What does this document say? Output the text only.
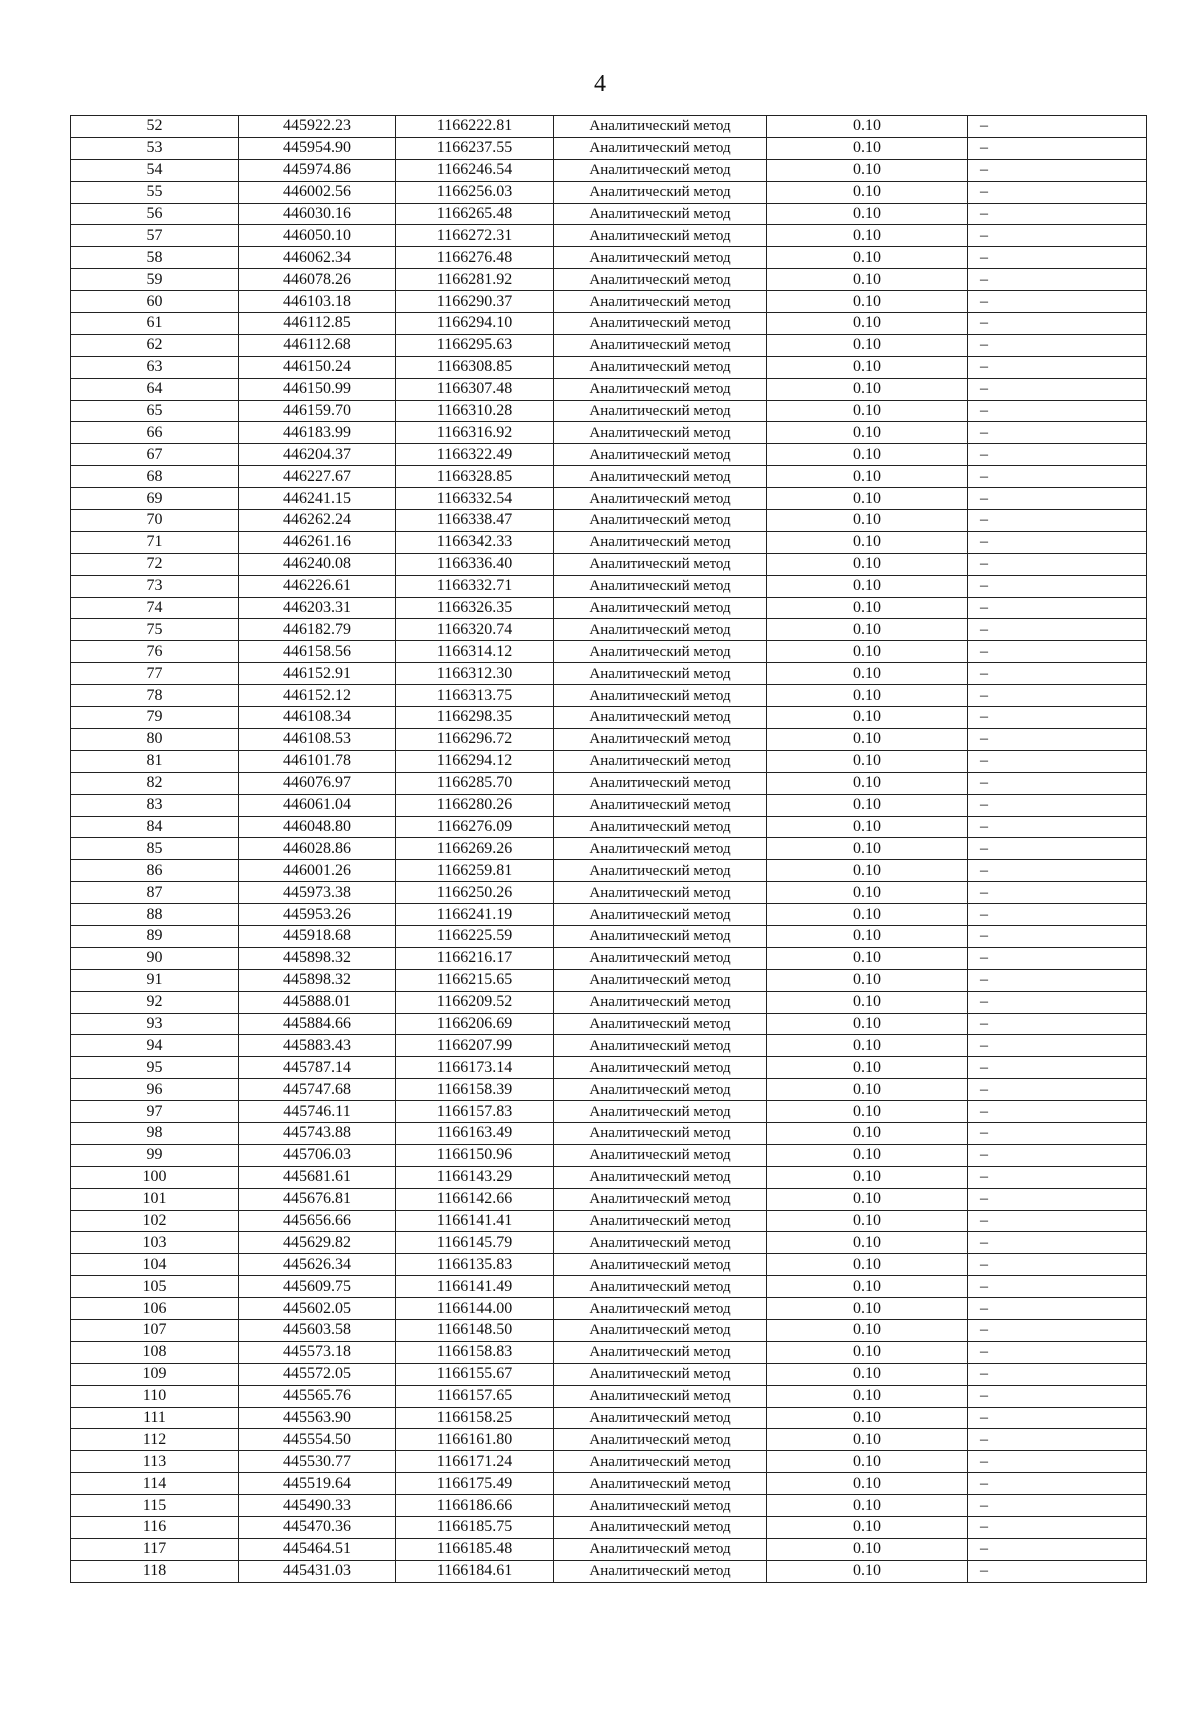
4
52	445922.23	1166222.81	Аналитический метод	0.10	–
53	445954.90	1166237.55	Аналитический метод	0.10	–
54	445974.86	1166246.54	Аналитический метод	0.10	–
55	446002.56	1166256.03	Аналитический метод	0.10	–
56	446030.16	1166265.48	Аналитический метод	0.10	–
57	446050.10	1166272.31	Аналитический метод	0.10	–
58	446062.34	1166276.48	Аналитический метод	0.10	–
59	446078.26	1166281.92	Аналитический метод	0.10	–
60	446103.18	1166290.37	Аналитический метод	0.10	–
61	446112.85	1166294.10	Аналитический метод	0.10	–
62	446112.68	1166295.63	Аналитический метод	0.10	–
63	446150.24	1166308.85	Аналитический метод	0.10	–
64	446150.99	1166307.48	Аналитический метод	0.10	–
65	446159.70	1166310.28	Аналитический метод	0.10	–
66	446183.99	1166316.92	Аналитический метод	0.10	–
67	446204.37	1166322.49	Аналитический метод	0.10	–
68	446227.67	1166328.85	Аналитический метод	0.10	–
69	446241.15	1166332.54	Аналитический метод	0.10	–
70	446262.24	1166338.47	Аналитический метод	0.10	–
71	446261.16	1166342.33	Аналитический метод	0.10	–
72	446240.08	1166336.40	Аналитический метод	0.10	–
73	446226.61	1166332.71	Аналитический метод	0.10	–
74	446203.31	1166326.35	Аналитический метод	0.10	–
75	446182.79	1166320.74	Аналитический метод	0.10	–
76	446158.56	1166314.12	Аналитический метод	0.10	–
77	446152.91	1166312.30	Аналитический метод	0.10	–
78	446152.12	1166313.75	Аналитический метод	0.10	–
79	446108.34	1166298.35	Аналитический метод	0.10	–
80	446108.53	1166296.72	Аналитический метод	0.10	–
81	446101.78	1166294.12	Аналитический метод	0.10	–
82	446076.97	1166285.70	Аналитический метод	0.10	–
83	446061.04	1166280.26	Аналитический метод	0.10	–
84	446048.80	1166276.09	Аналитический метод	0.10	–
85	446028.86	1166269.26	Аналитический метод	0.10	–
86	446001.26	1166259.81	Аналитический метод	0.10	–
87	445973.38	1166250.26	Аналитический метод	0.10	–
88	445953.26	1166241.19	Аналитический метод	0.10	–
89	445918.68	1166225.59	Аналитический метод	0.10	–
90	445898.32	1166216.17	Аналитический метод	0.10	–
91	445898.32	1166215.65	Аналитический метод	0.10	–
92	445888.01	1166209.52	Аналитический метод	0.10	–
93	445884.66	1166206.69	Аналитический метод	0.10	–
94	445883.43	1166207.99	Аналитический метод	0.10	–
95	445787.14	1166173.14	Аналитический метод	0.10	–
96	445747.68	1166158.39	Аналитический метод	0.10	–
97	445746.11	1166157.83	Аналитический метод	0.10	–
98	445743.88	1166163.49	Аналитический метод	0.10	–
99	445706.03	1166150.96	Аналитический метод	0.10	–
100	445681.61	1166143.29	Аналитический метод	0.10	–
101	445676.81	1166142.66	Аналитический метод	0.10	–
102	445656.66	1166141.41	Аналитический метод	0.10	–
103	445629.82	1166145.79	Аналитический метод	0.10	–
104	445626.34	1166135.83	Аналитический метод	0.10	–
105	445609.75	1166141.49	Аналитический метод	0.10	–
106	445602.05	1166144.00	Аналитический метод	0.10	–
107	445603.58	1166148.50	Аналитический метод	0.10	–
108	445573.18	1166158.83	Аналитический метод	0.10	–
109	445572.05	1166155.67	Аналитический метод	0.10	–
110	445565.76	1166157.65	Аналитический метод	0.10	–
111	445563.90	1166158.25	Аналитический метод	0.10	–
112	445554.50	1166161.80	Аналитический метод	0.10	–
113	445530.77	1166171.24	Аналитический метод	0.10	–
114	445519.64	1166175.49	Аналитический метод	0.10	–
115	445490.33	1166186.66	Аналитический метод	0.10	–
116	445470.36	1166185.75	Аналитический метод	0.10	–
117	445464.51	1166185.48	Аналитический метод	0.10	–
118	445431.03	1166184.61	Аналитический метод	0.10	–
